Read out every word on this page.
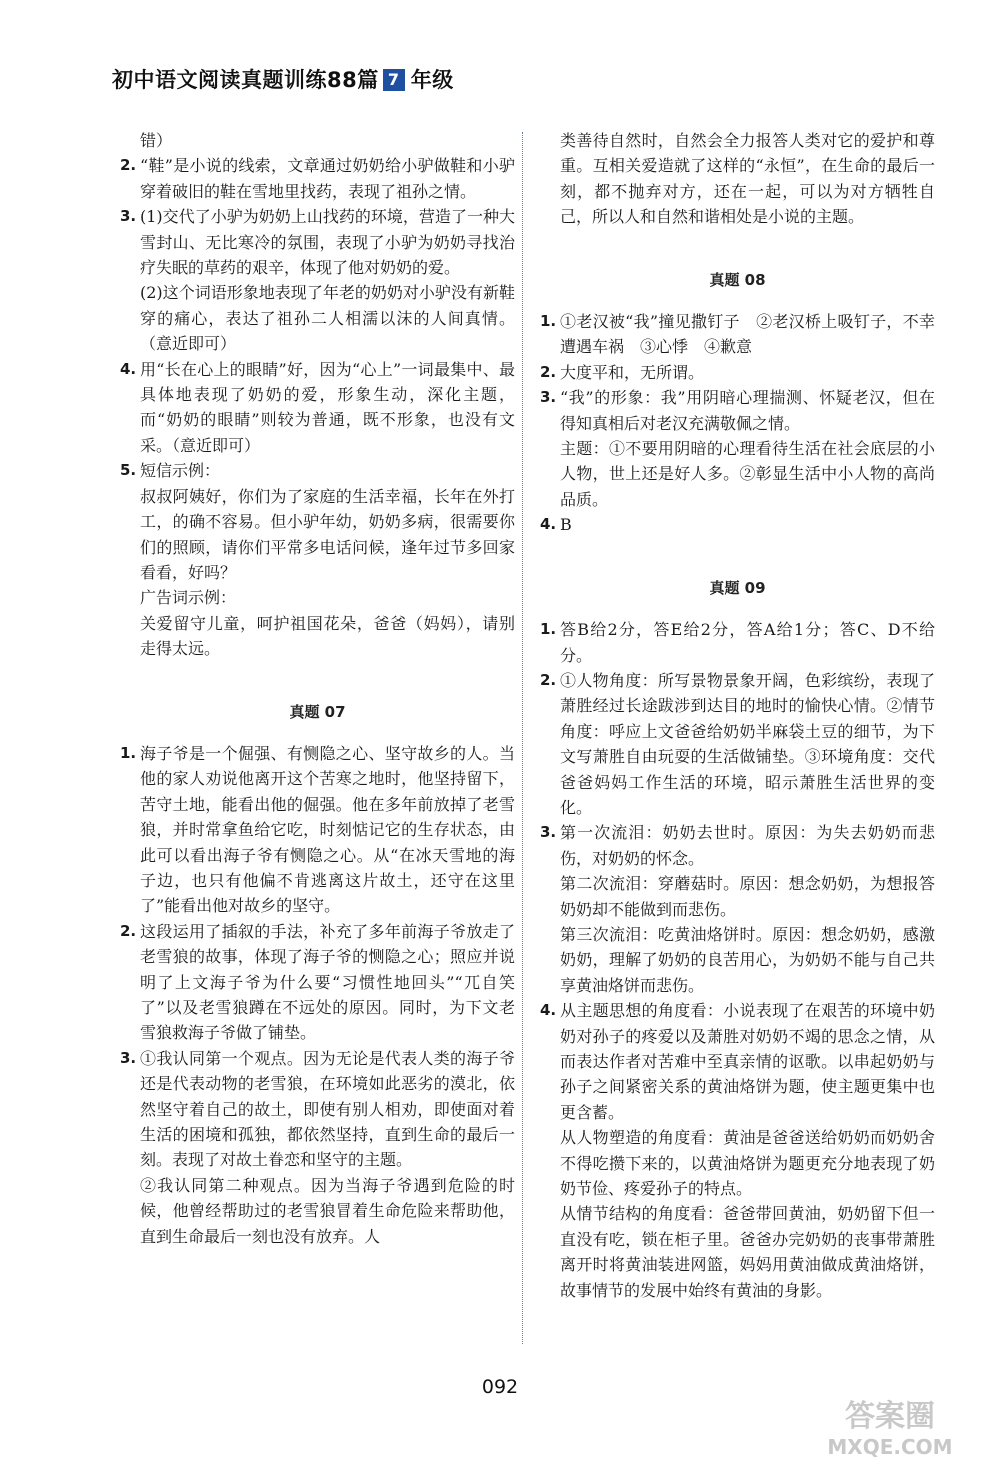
初中语文阅读真题训练88篇 7 年级

错）

2. “鞋”是小说的线索，文章通过奶奶给小驴做鞋和小驴穿着破旧的鞋在雪地里找药，表现了祖孙之情。
3. (1)交代了小驴为奶奶上山找药的环境，营造了一种大雪封山、无比寒冷的氛围，表现了小驴为奶奶寻找治疗失眠的草药的艰辛，体现了他对奶奶的爱。

(2)这个词语形象地表现了年老的奶奶对小驴没有新鞋穿的痛心，表达了祖孙二人相濡以沫的人间真情。（意近即可）

4. 用“长在心上的眼睛”好，因为“心上”一词最集中、最具体地表现了奶奶的爱，形象生动，深化主题，而“奶奶的眼睛”则较为普通，既不形象，也没有文采。（意近即可）
5. 短信示例：

叔叔阿姨好，你们为了家庭的生活幸福，长年在外打工，的确不容易。但小驴年幼，奶奶多病，很需要你们的照顾，请你们平常多电话问候，逢年过节多回家看看，好吗？

广告词示例：

关爱留守儿童，呵护祖国花朵，爸爸（妈妈），请别走得太远。

真题 07

1. 海子爷是一个倔强、有恻隐之心、坚守故乡的人。当他的家人劝说他离开这个苦寒之地时，他坚持留下，苦守土地，能看出他的倔强。他在多年前放掉了老雪狼，并时常拿鱼给它吃，时刻惦记它的生存状态，由此可以看出海子爷有恻隐之心。从“在冰天雪地的海子边，也只有他偏不肯逃离这片故土，还守在这里了”能看出他对故乡的坚守。
2. 这段运用了插叙的手法，补充了多年前海子爷放走了老雪狼的故事，体现了海子爷的恻隐之心；照应并说明了上文海子爷为什么要“习惯性地回头”“兀自笑了”以及老雪狼蹲在不远处的原因。同时，为下文老雪狼救海子爷做了铺垫。
3. ①我认同第一个观点。因为无论是代表人类的海子爷还是代表动物的老雪狼，在环境如此恶劣的漠北，依然坚守着自己的故土，即使有别人相劝，即使面对着生活的困境和孤独，都依然坚持，直到生命的最后一刻。表现了对故土眷恋和坚守的主题。

②我认同第二种观点。因为当海子爷遇到危险的时候，他曾经帮助过的老雪狼冒着生命危险来帮助他，直到生命最后一刻也没有放弃。人

类善待自然时，自然会全力报答人类对它的爱护和尊重。互相关爱造就了这样的“永恒”，在生命的最后一刻，都不抛弃对方，还在一起，可以为对方牺牲自己，所以人和自然和谐相处是小说的主题。

真题 08

1. ①老汉被“我”撞见撒钉子　②老汉桥上吸钉子，不幸遭遇车祸　③心悸　④歉意
2. 大度平和，无所谓。
3. “我”的形象：我”用阴暗心理揣测、怀疑老汉，但在得知真相后对老汉充满敬佩之情。

主题：①不要用阴暗的心理看待生活在社会底层的小人物，世上还是好人多。②彰显生活中小人物的高尚品质。

4. B

真题 09

1. 答B给2分，答E给2分，答A给1分；答C、D不给分。
2. ①人物角度：所写景物景象开阔，色彩缤纷，表现了萧胜经过长途跋涉到达目的地时的愉快心情。②情节角度：呼应上文爸爸给奶奶半麻袋土豆的细节，为下文写萧胜自由玩耍的生活做铺垫。③环境角度：交代爸爸妈妈工作生活的环境，昭示萧胜生活世界的变化。
3. 第一次流泪：奶奶去世时。原因：为失去奶奶而悲伤，对奶奶的怀念。

第二次流泪：穿蘑菇时。原因：想念奶奶，为想报答奶奶却不能做到而悲伤。

第三次流泪：吃黄油烙饼时。原因：想念奶奶，感激奶奶，理解了奶奶的良苦用心，为奶奶不能与自己共享黄油烙饼而悲伤。

4. 从主题思想的角度看：小说表现了在艰苦的环境中奶奶对孙子的疼爱以及萧胜对奶奶不竭的思念之情，从而表达作者对苦难中至真亲情的讴歌。以串起奶奶与孙子之间紧密关系的黄油烙饼为题，使主题更集中也更含蓄。

从人物塑造的角度看：黄油是爸爸送给奶奶而奶奶舍不得吃攒下来的，以黄油烙饼为题更充分地表现了奶奶节俭、疼爱孙子的特点。

从情节结构的角度看：爸爸带回黄油，奶奶留下但一直没有吃，锁在柜子里。爸爸办完奶奶的丧事带萧胜离开时将黄油装进网篮，妈妈用黄油做成黄油烙饼，故事情节的发展中始终有黄油的身影。

092
答案圈
MXQE.COM
